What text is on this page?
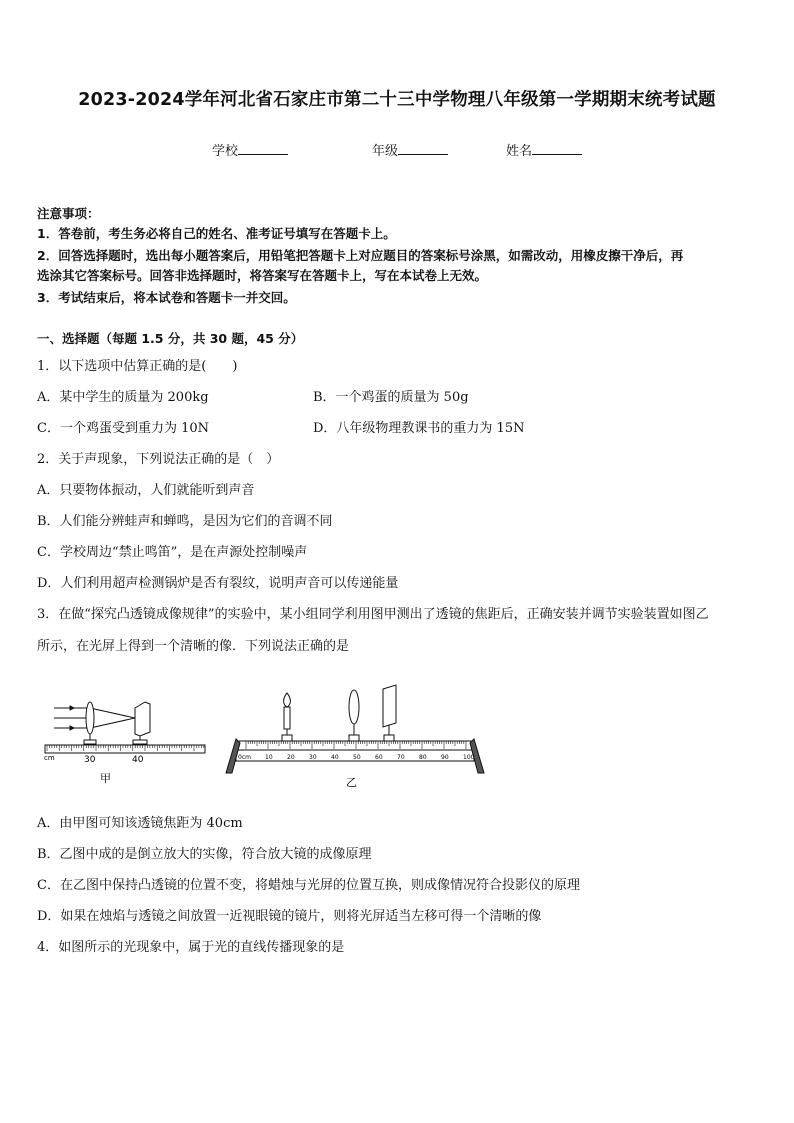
2023-2024学年河北省石家庄市第二十三中学物理八年级第一学期期末统考试题
学校	年级	姓名
注意事项：
1．答卷前，考生务必将自己的姓名、准考证号填写在答题卡上。
2．回答选择题时，选出每小题答案后，用铅笔把答题卡上对应题目的答案标号涂黑，如需改动，用橡皮擦干净后，再
选涂其它答案标号。回答非选择题时，将答案写在答题卡上，写在本试卷上无效。
3．考试结束后，将本试卷和答题卡一并交回。
一、选择题（每题 1.5 分，共 30 题，45 分）
1．以下选项中估算正确的是(　　)
A．某中学生的质量为 200kg	B．一个鸡蛋的质量为 50g
C．一个鸡蛋受到重力为 10N	D．八年级物理教课书的重力为 15N
2．关于声现象，下列说法正确的是（　）
A．只要物体振动，人们就能听到声音
B．人们能分辨蛙声和蝉鸣，是因为它们的音调不同
C．学校周边“禁止鸣笛”，是在声源处控制噪声
D．人们利用超声检测锅炉是否有裂纹，说明声音可以传递能量
3．在做“探究凸透镜成像规律”的实验中，某小组同学利用图甲测出了透镜的焦距后，正确安装并调节实验装置如图乙
所示，在光屏上得到一个清晰的像．下列说法正确的是
cm	30	40
甲
0cm 10 20 30 40 50 60 70 80 90 100
乙
A．由甲图可知该透镜焦距为 40cm
B．乙图中成的是倒立放大的实像，符合放大镜的成像原理
C．在乙图中保持凸透镜的位置不变，将蜡烛与光屏的位置互换，则成像情况符合投影仪的原理
D．如果在烛焰与透镜之间放置一近视眼镜的镜片，则将光屏适当左移可得一个清晰的像
4．如图所示的光现象中，属于光的直线传播现象的是
